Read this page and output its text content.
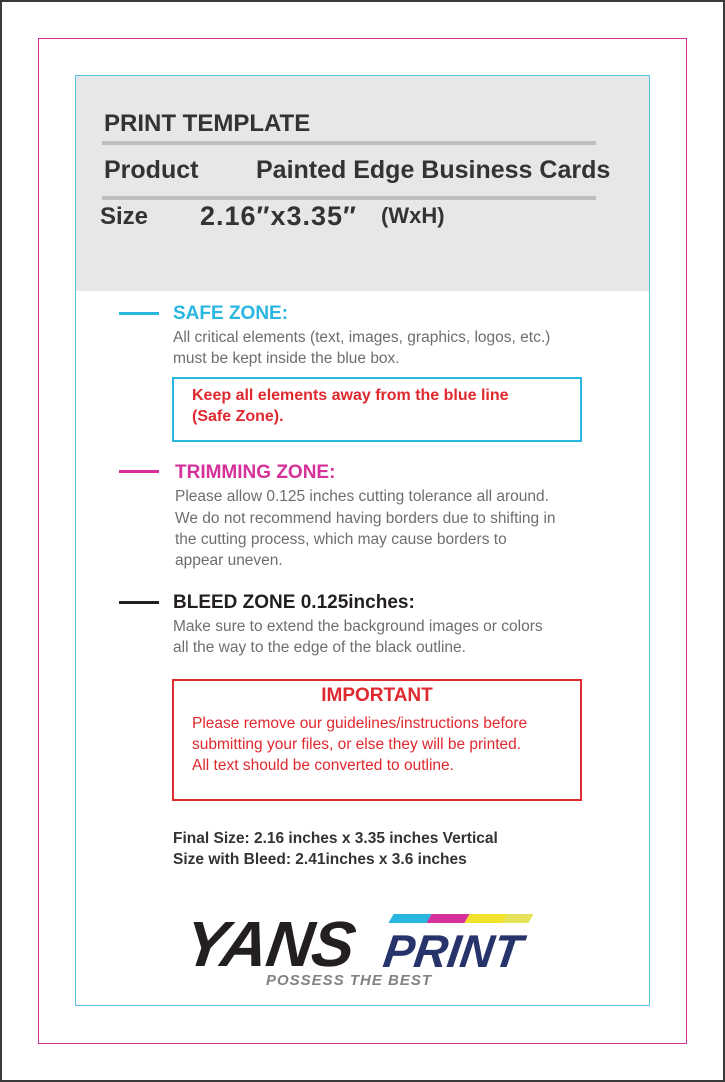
PRINT TEMPLATE
Product Painted Edge Business Cards
Size 2.16″x3.35″ (WxH)
SAFE ZONE:
All critical elements (text, images, graphics, logos, etc.)
must be kept inside the blue box.
Keep all elements away from the blue line
(Safe Zone).
TRIMMING ZONE:
Please allow 0.125 inches cutting tolerance all around.
We do not recommend having borders due to shifting in
the cutting process, which may cause borders to
appear uneven.
BLEED ZONE 0.125inches:
Make sure to extend the background images or colors
all the way to the edge of the black outline.
IMPORTANT
Please remove our guidelines/instructions before
submitting your files, or else they will be printed.
All text should be converted to outline.
Final Size: 2.16 inches x 3.35 inches Vertical
Size with Bleed: 2.41inches x 3.6 inches
YANS PRINT
POSSESS THE BEST
